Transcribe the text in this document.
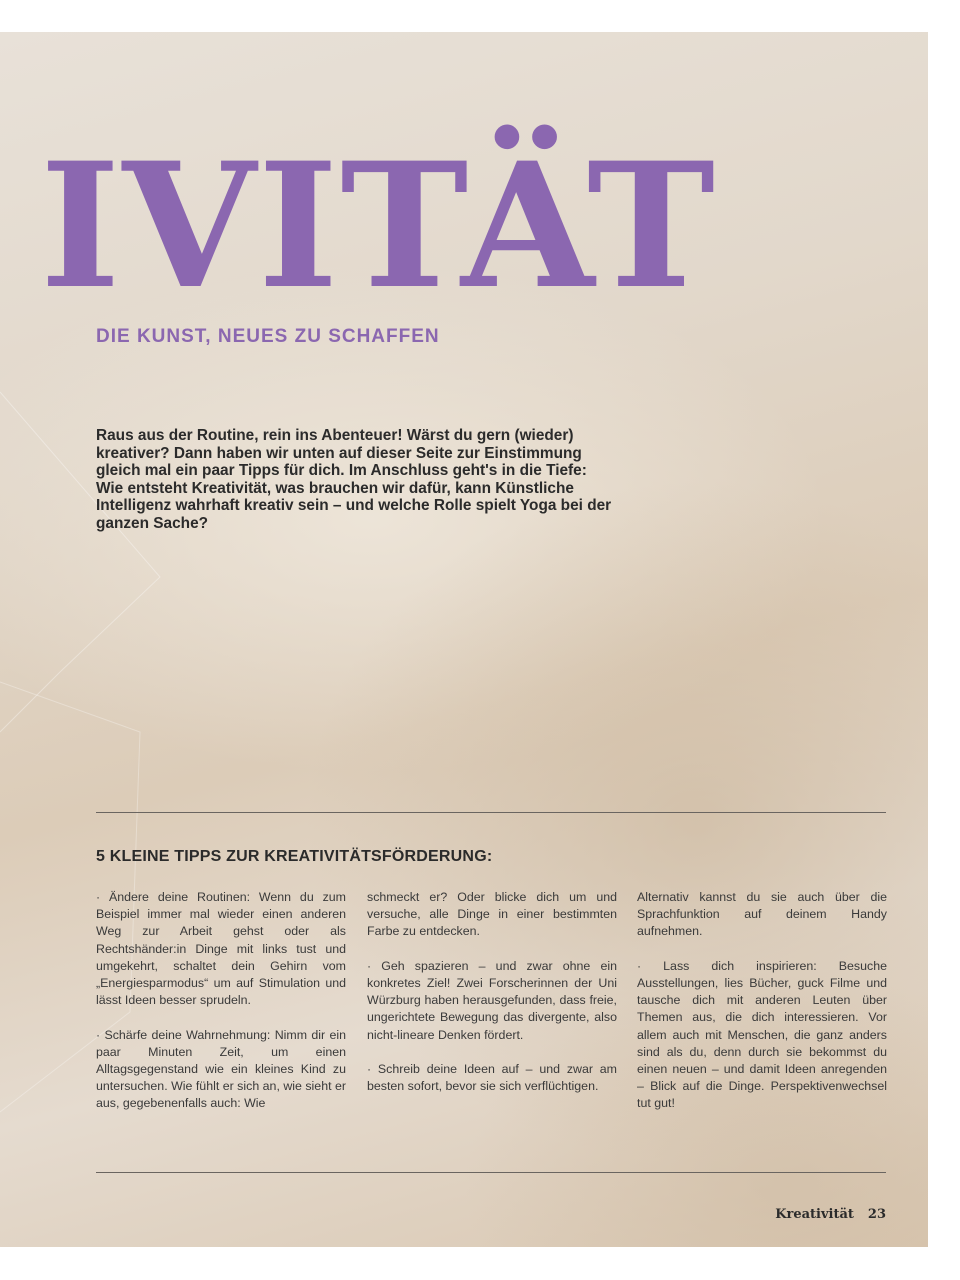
IVITÄT
DIE KUNST, NEUES ZU SCHAFFEN

Raus aus der Routine, rein ins Abenteuer! Wärst du gern (wieder) kreativer? Dann haben wir unten auf dieser Seite zur Einstimmung gleich mal ein paar Tipps für dich. Im Anschluss geht's in die Tiefe: Wie entsteht Kreativität, was brauchen wir dafür, kann Künstliche Intelligenz wahrhaft kreativ sein – und welche Rolle spielt Yoga bei der ganzen Sache?

5 KLEINE TIPPS ZUR KREATIVITÄTSFÖRDERUNG:

· Ändere deine Routinen: Wenn du zum Beispiel immer mal wieder einen anderen Weg zur Arbeit gehst oder als Rechtshänder:in Dinge mit links tust und umgekehrt, schaltet dein Gehirn vom „Energiesparmodus“ um auf Stimulation und lässt Ideen besser sprudeln.

· Schärfe deine Wahrnehmung: Nimm dir ein paar Minuten Zeit, um einen Alltagsgegenstand wie ein kleines Kind zu untersuchen. Wie fühlt er sich an, wie sieht er aus, gegebenenfalls auch: Wie

schmeckt er? Oder blicke dich um und versuche, alle Dinge in einer bestimmten Farbe zu entdecken.

· Geh spazieren – und zwar ohne ein konkretes Ziel! Zwei Forscherinnen der Uni Würzburg haben herausgefunden, dass freie, ungerichtete Bewegung das divergente, also nicht-lineare Denken fördert.

· Schreib deine Ideen auf – und zwar am besten sofort, bevor sie sich verflüchtigen.

Alternativ kannst du sie auch über die Sprachfunktion auf deinem Handy aufnehmen.

· Lass dich inspirieren: Besuche Ausstellungen, lies Bücher, guck Filme und tausche dich mit anderen Leuten über Themen aus, die dich interessieren. Vor allem auch mit Menschen, die ganz anders sind als du, denn durch sie bekommst du einen neuen – und damit Ideen anregenden – Blick auf die Dinge. Perspektivenwechsel tut gut!

Kreativität 23
